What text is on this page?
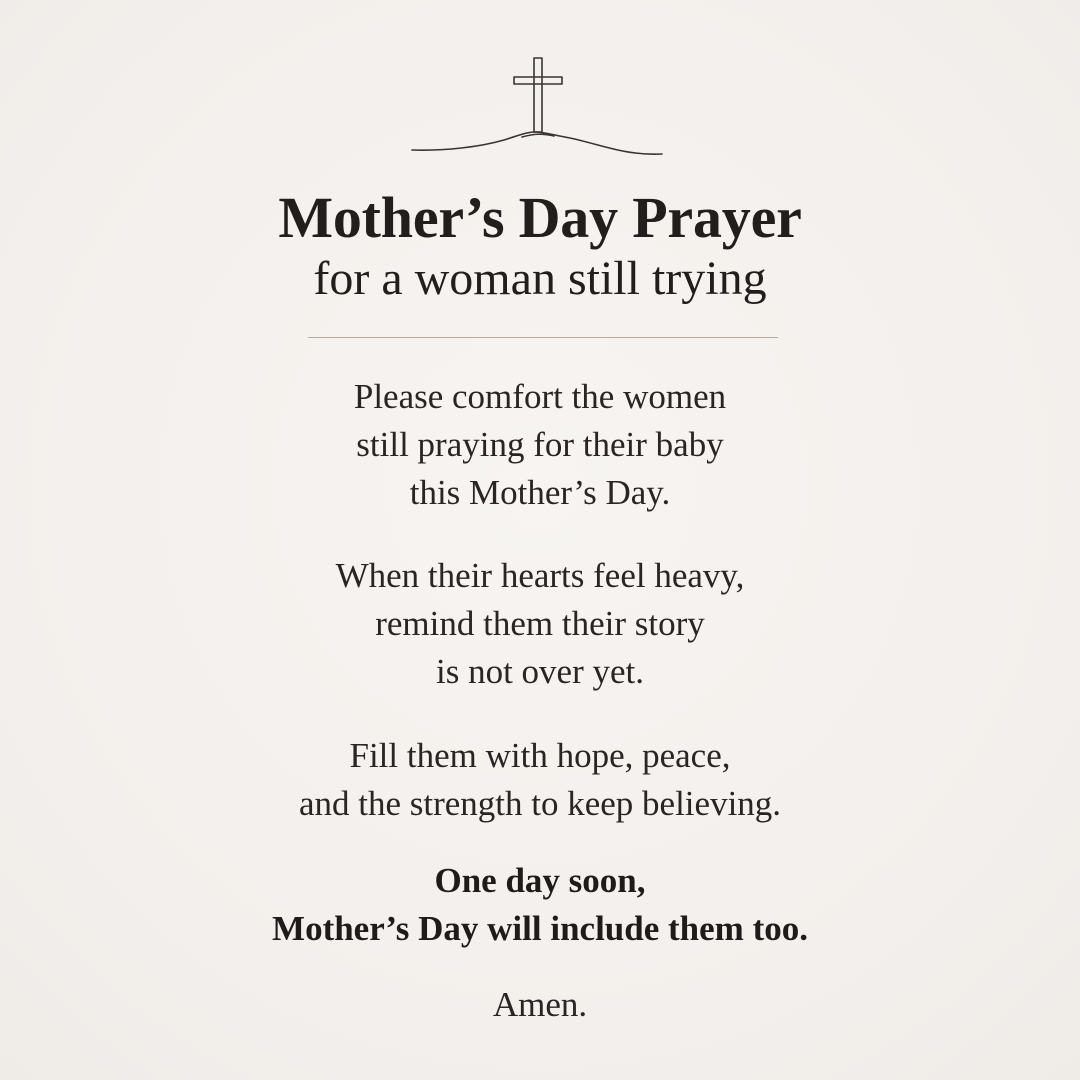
Mother’s Day Prayer
for a woman still trying
Please comfort the women
still praying for their baby
this Mother’s Day.
When their hearts feel heavy,
remind them their story
is not over yet.
Fill them with hope, peace,
and the strength to keep believing.
One day soon,
Mother’s Day will include them too.
Amen.
